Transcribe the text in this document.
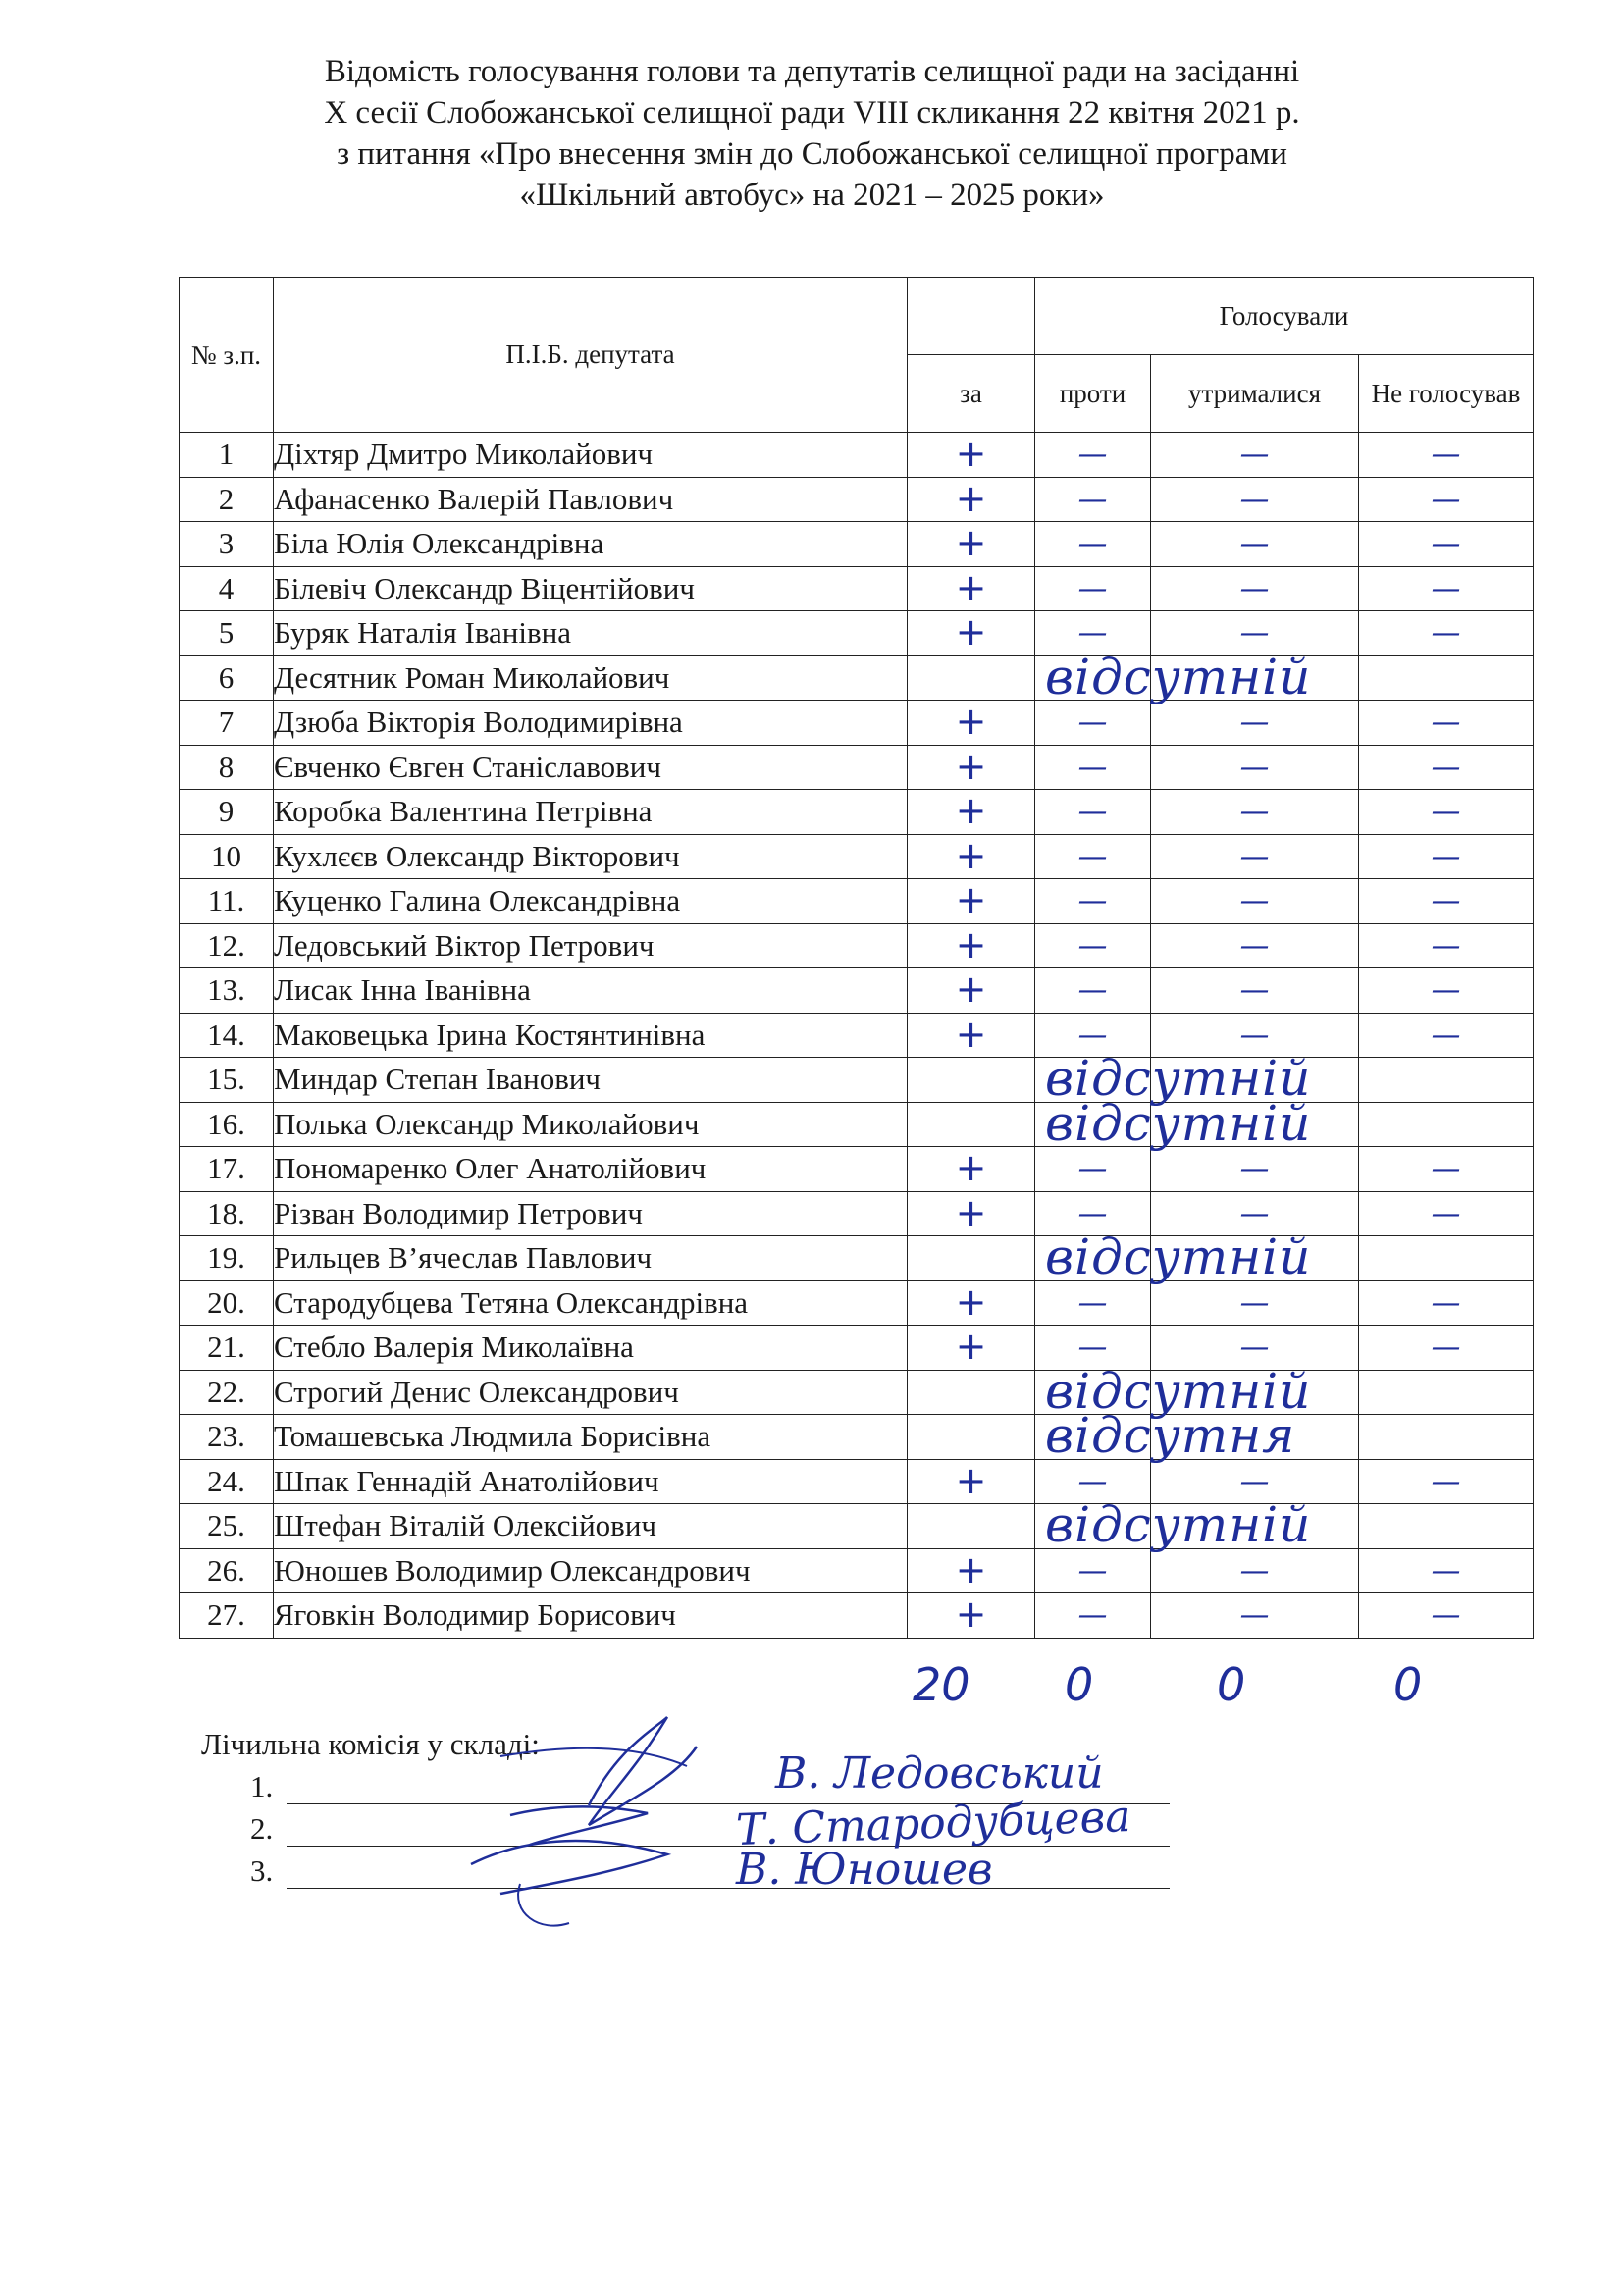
Відомість голосування голови та депутатів селищної ради на засіданні
X сесії Слобожанської селищної ради VIII скликання 22 квітня 2021 р.
з питання «Про внесення змін до Слобожанської селищної програми
«Шкільний автобус» на 2021 – 2025 роки»
№ з.п.	П.І.Б. депутата		Голосували		
		за	проти	утрималися	Не голосував
1	Діхтяр Дмитро Миколайович	+	—	—	—
2	Афанасенко Валерій Павлович	+	—	—	—
3	Біла Юлія Олександрівна	+	—	—	—
4	Білевіч Олександр Віцентійович	+	—	—	—
5	Буряк Наталія Іванівна	+	—	—	—
6	Десятник Роман Миколайович		відсутній		

7	Дзюба Вікторія Володимирівна	+	—	—	—
8	Євченко Євген Станіславович	+	—	—	—
9	Коробка Валентина Петрівна	+	—	—	—
10	Кухлєєв Олександр Вікторович	+	—	—	—
11.	Куценко Галина Олександрівна	+	—	—	—
12.	Ледовський Віктор Петрович	+	—	—	—
13.	Лисак Інна Іванівна	+	—	—	—
14.	Маковецька Ірина Костянтинівна	+	—	—	—
15.	Миндар Степан Іванович		відсутній		

16.	Полька Олександр Миколайович		відсутній		

17.	Пономаренко Олег Анатолійович	+	—	—	—
18.	Різван Володимир Петрович	+	—	—	—
19.	Рильцев В’ячеслав Павлович		відсутній		

20.	Стародубцева Тетяна Олександрівна	+	—	—	—
21.	Стебло Валерія Миколаївна	+	—	—	—
22.	Строгий Денис Олександрович		відсутній		

23.	Томашевська Людмила Борисівна		відсутня		

24.	Шпак Геннадій Анатолійович	+	—	—	—
25.	Штефан Віталій Олексійович		відсутній		

26.	Юношев Володимир Олександрович	+	—	—	—
27.	Яговкін Володимир Борисович	+	—	—	—
20 0	0	0
Лічильна комісія у складі:
1.
2.
3.
В. Ледовський
Т. Стародубцева
В. Юношев
